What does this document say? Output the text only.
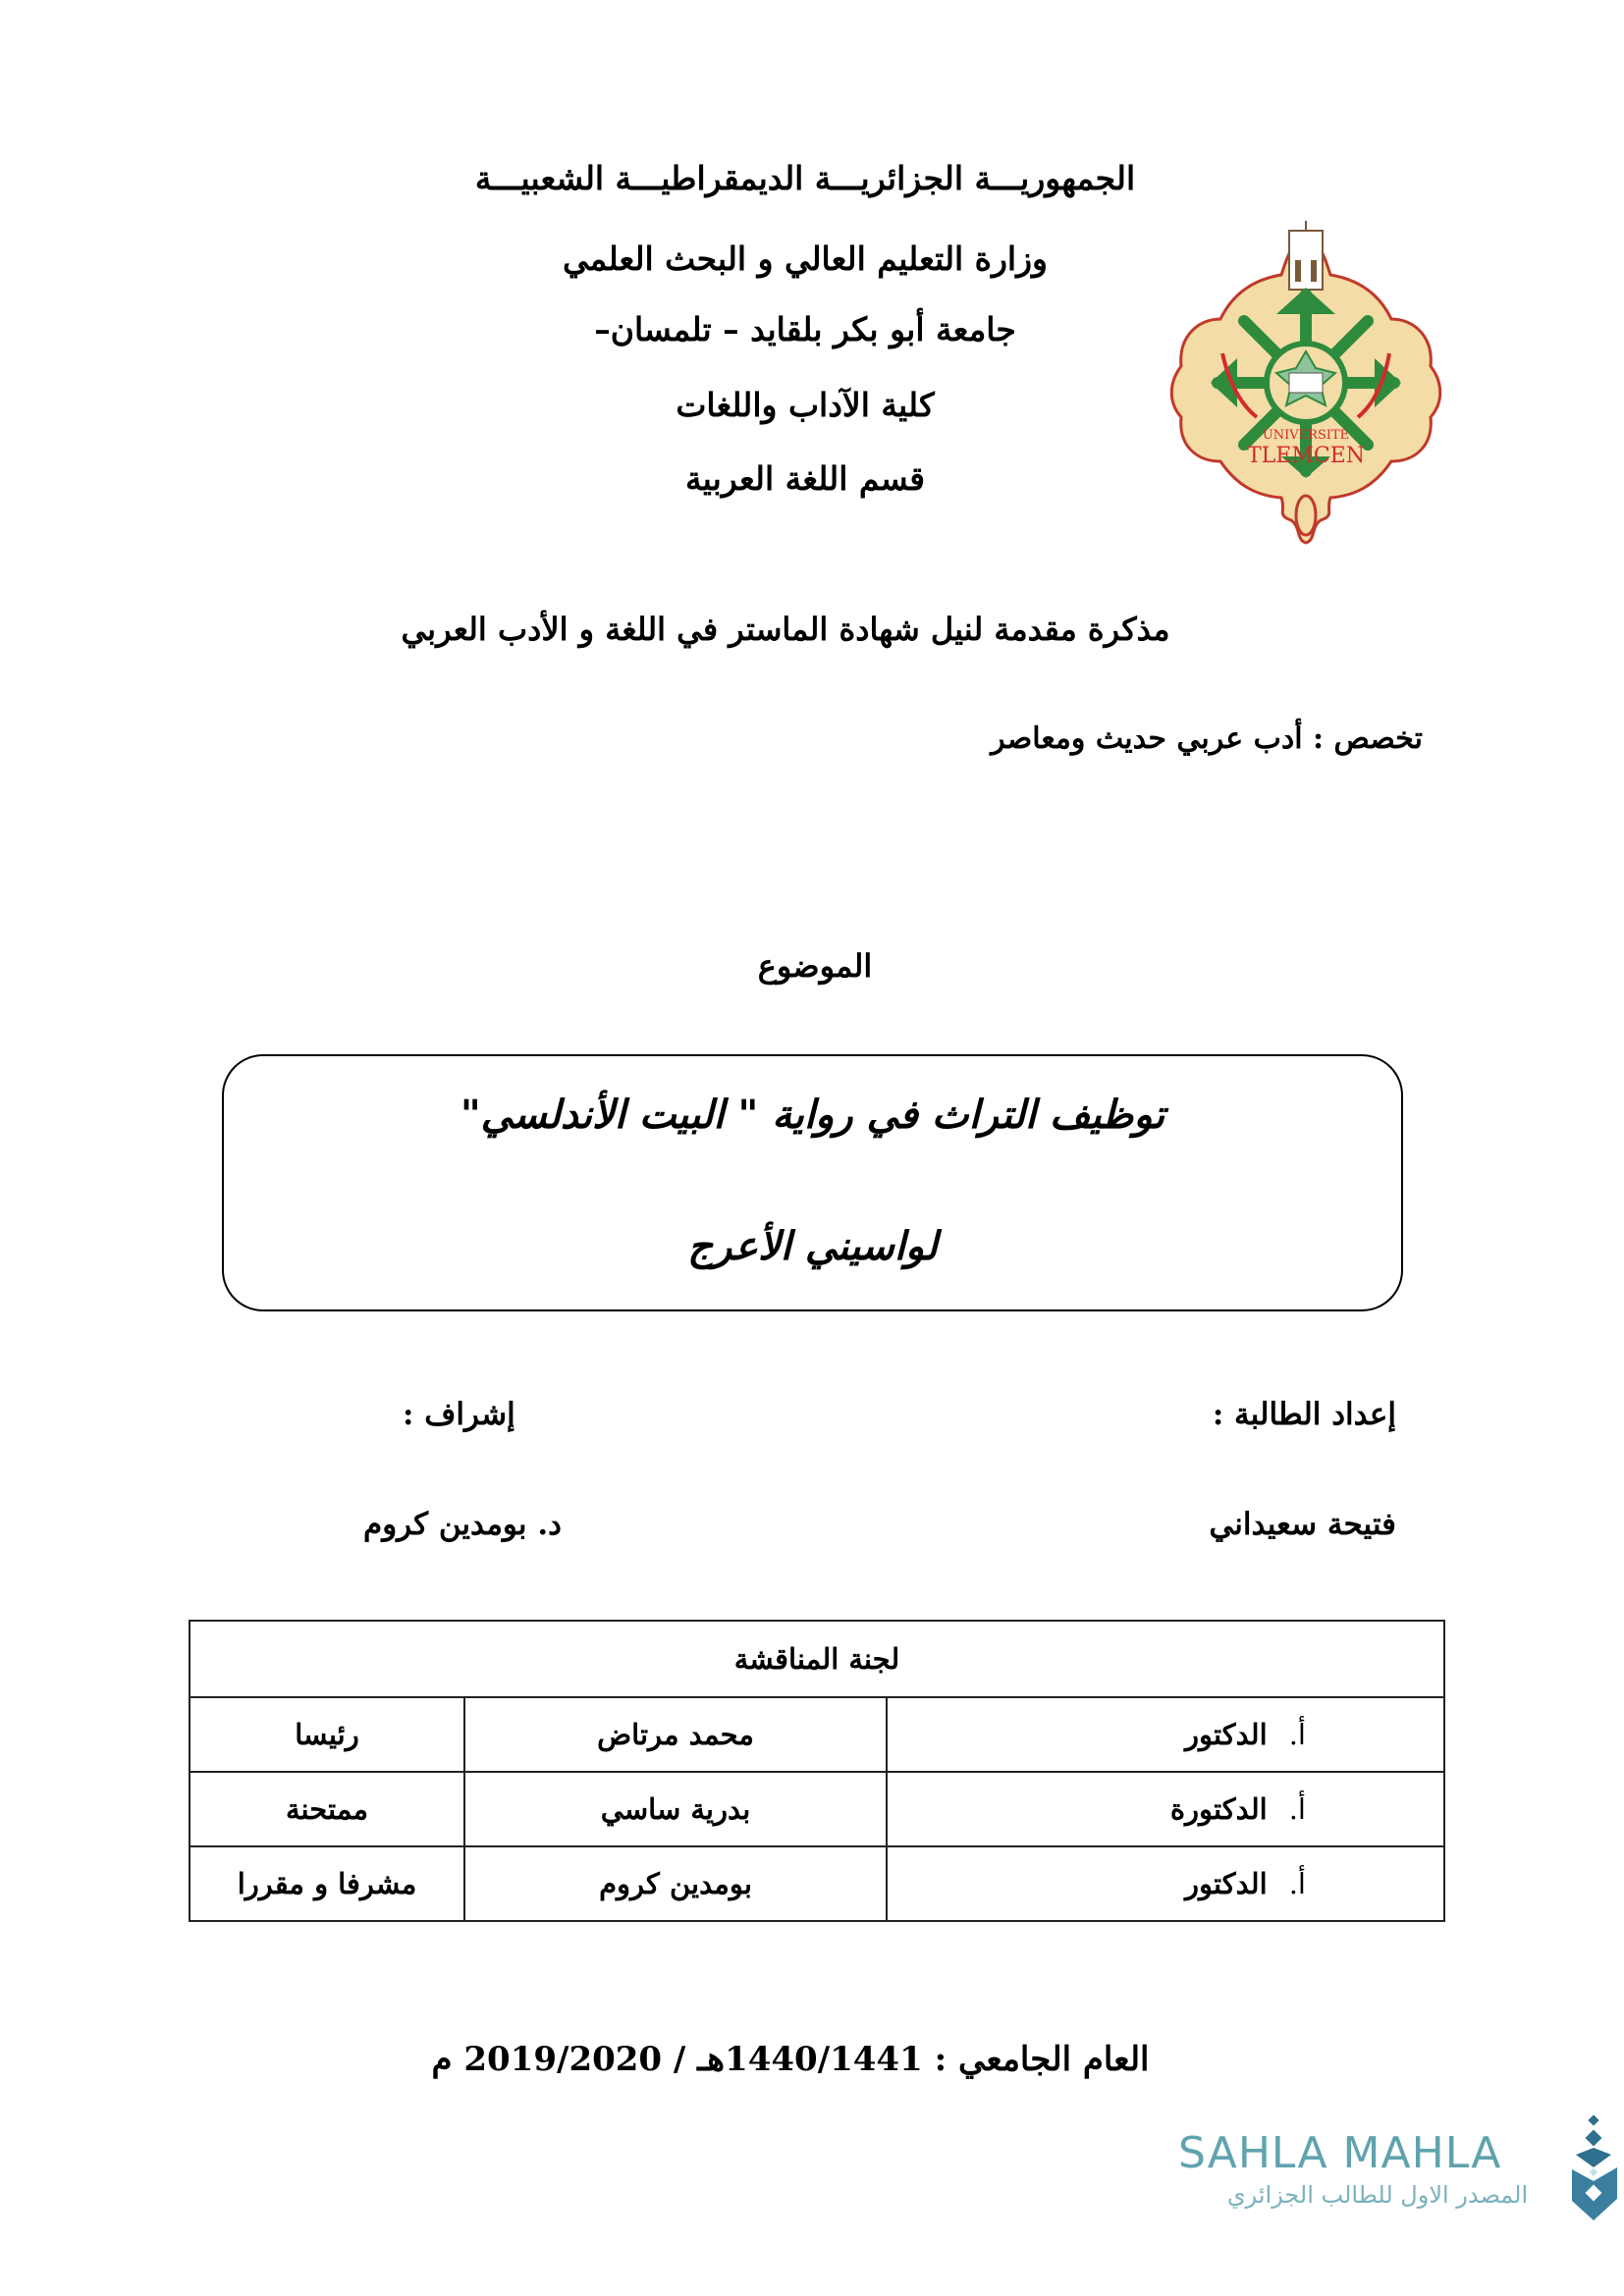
الجمهوريـــة الجزائريـــة الديمقراطيـــة الشعبيـــة
وزارة التعليم العالي و البحث العلمي
جامعة أبو بكر بلقايد – تلمسان–
كلية الآداب واللغات
قسم اللغة العربية
UNIVERSITE
TLEMCEN
مذكرة مقدمة لنيل شهادة الماستر في اللغة و الأدب العربي
تخصص : أدب عربي حديث ومعاصر
الموضوع
توظيف التراث في رواية " البيت الأندلسي"
لواسيني الأعرج
إعداد الطالبة :
إشراف :
فتيحة سعيداني
د. بومدين كروم
لجنة المناقشة		
أ.الدكتور	محمد مرتاض	رئيسا
أ.الدكتورة	بدرية ساسي	ممتحنة
أ.الدكتور	بومدين كروم	مشرفا و مقررا
العام الجامعي : 1440/1441هـ / 2019/2020 م
SAHLA MAHLA
المصدر الاول للطالب الجزائري
